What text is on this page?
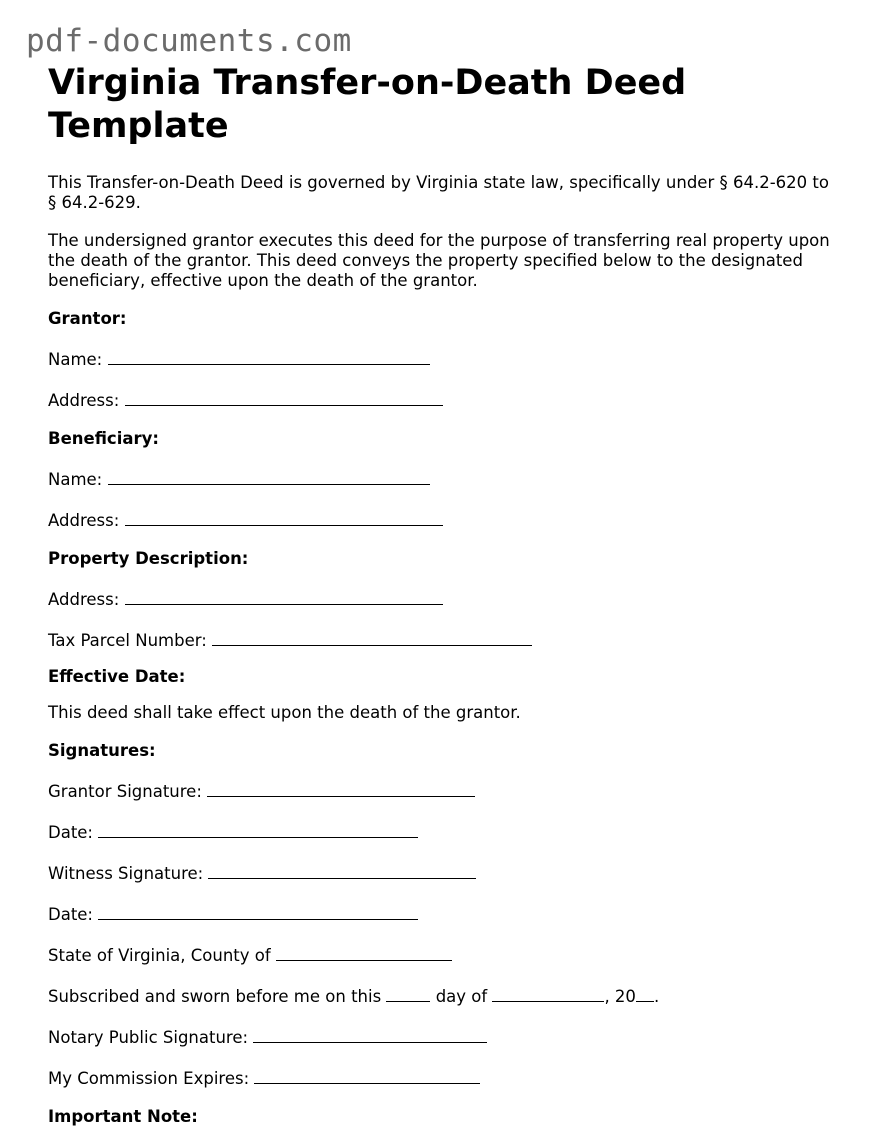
pdf-documents.com
Virginia Transfer-on-Death Deed Template

This Transfer-on-Death Deed is governed by Virginia state law, specifically under § 64.2-620 to § 64.2-629.

The undersigned grantor executes this deed for the purpose of transferring real property upon the death of the grantor. This deed conveys the property specified below to the designated beneficiary, effective upon the death of the grantor.

Grantor:

Name:

Address:

Beneficiary:

Name:

Address:

Property Description:

Address:

Tax Parcel Number:

Effective Date:

This deed shall take effect upon the death of the grantor.

Signatures:

Grantor Signature:

Date:

Witness Signature:

Date:

State of Virginia, County of

Subscribed and sworn before me on this	day of	, 20 .

Notary Public Signature:

My Commission Expires:

Important Note:
